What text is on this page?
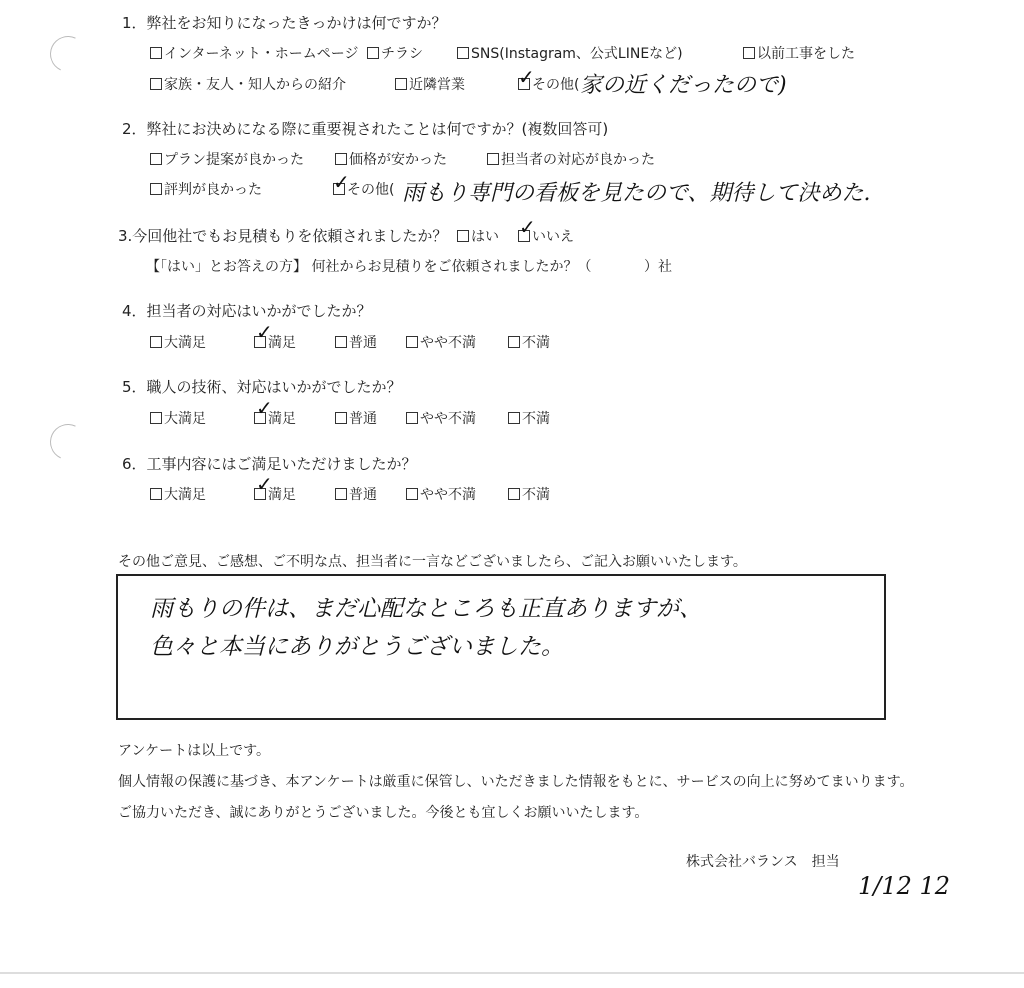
1．弊社をお知りになったきっかけは何ですか？
インターネット・ホームページ	チラシ	SNS(Instagram、公式LINEなど)	以前工事をした
家族・友人・知人からの紹介	近隣営業	その他(
✓ 家の近くだったので)
2．弊社にお決めになる際に重要視されたことは何ですか？(複数回答可)
プラン提案が良かった	価格が安かった	担当者の対応が良かった
評判が良かった	その他(
✓ 雨もり専門の看板を見たので、期待して決めた.
3.今回他社でもお見積もりを依頼されましたか？	はい	いいえ
✓
【「はい」とお答えの方】 何社からお見積りをご依頼されましたか？（	）社
4．担当者の対応はいかがでしたか？
大満足	満足
✓	普通	やや不満	不満
5．職人の技術、対応はいかがでしたか？
大満足	満足
✓	普通	やや不満	不満
6．工事内容にはご満足いただけましたか？
大満足	満足
✓	普通	やや不満	不満
その他ご意見、ご感想、ご不明な点、担当者に一言などございましたら、ご記入お願いいたします。
雨もりの件は、まだ心配なところも正直ありますが、
色々と本当にありがとうございました。
アンケートは以上です。
個人情報の保護に基づき、本アンケートは厳重に保管し、いただきました情報をもとに、サービスの向上に努めてまいります。
ご協力いただき、誠にありがとうございました。今後とも宜しくお願いいたします。
株式会社バランス　担当
1/12 12
